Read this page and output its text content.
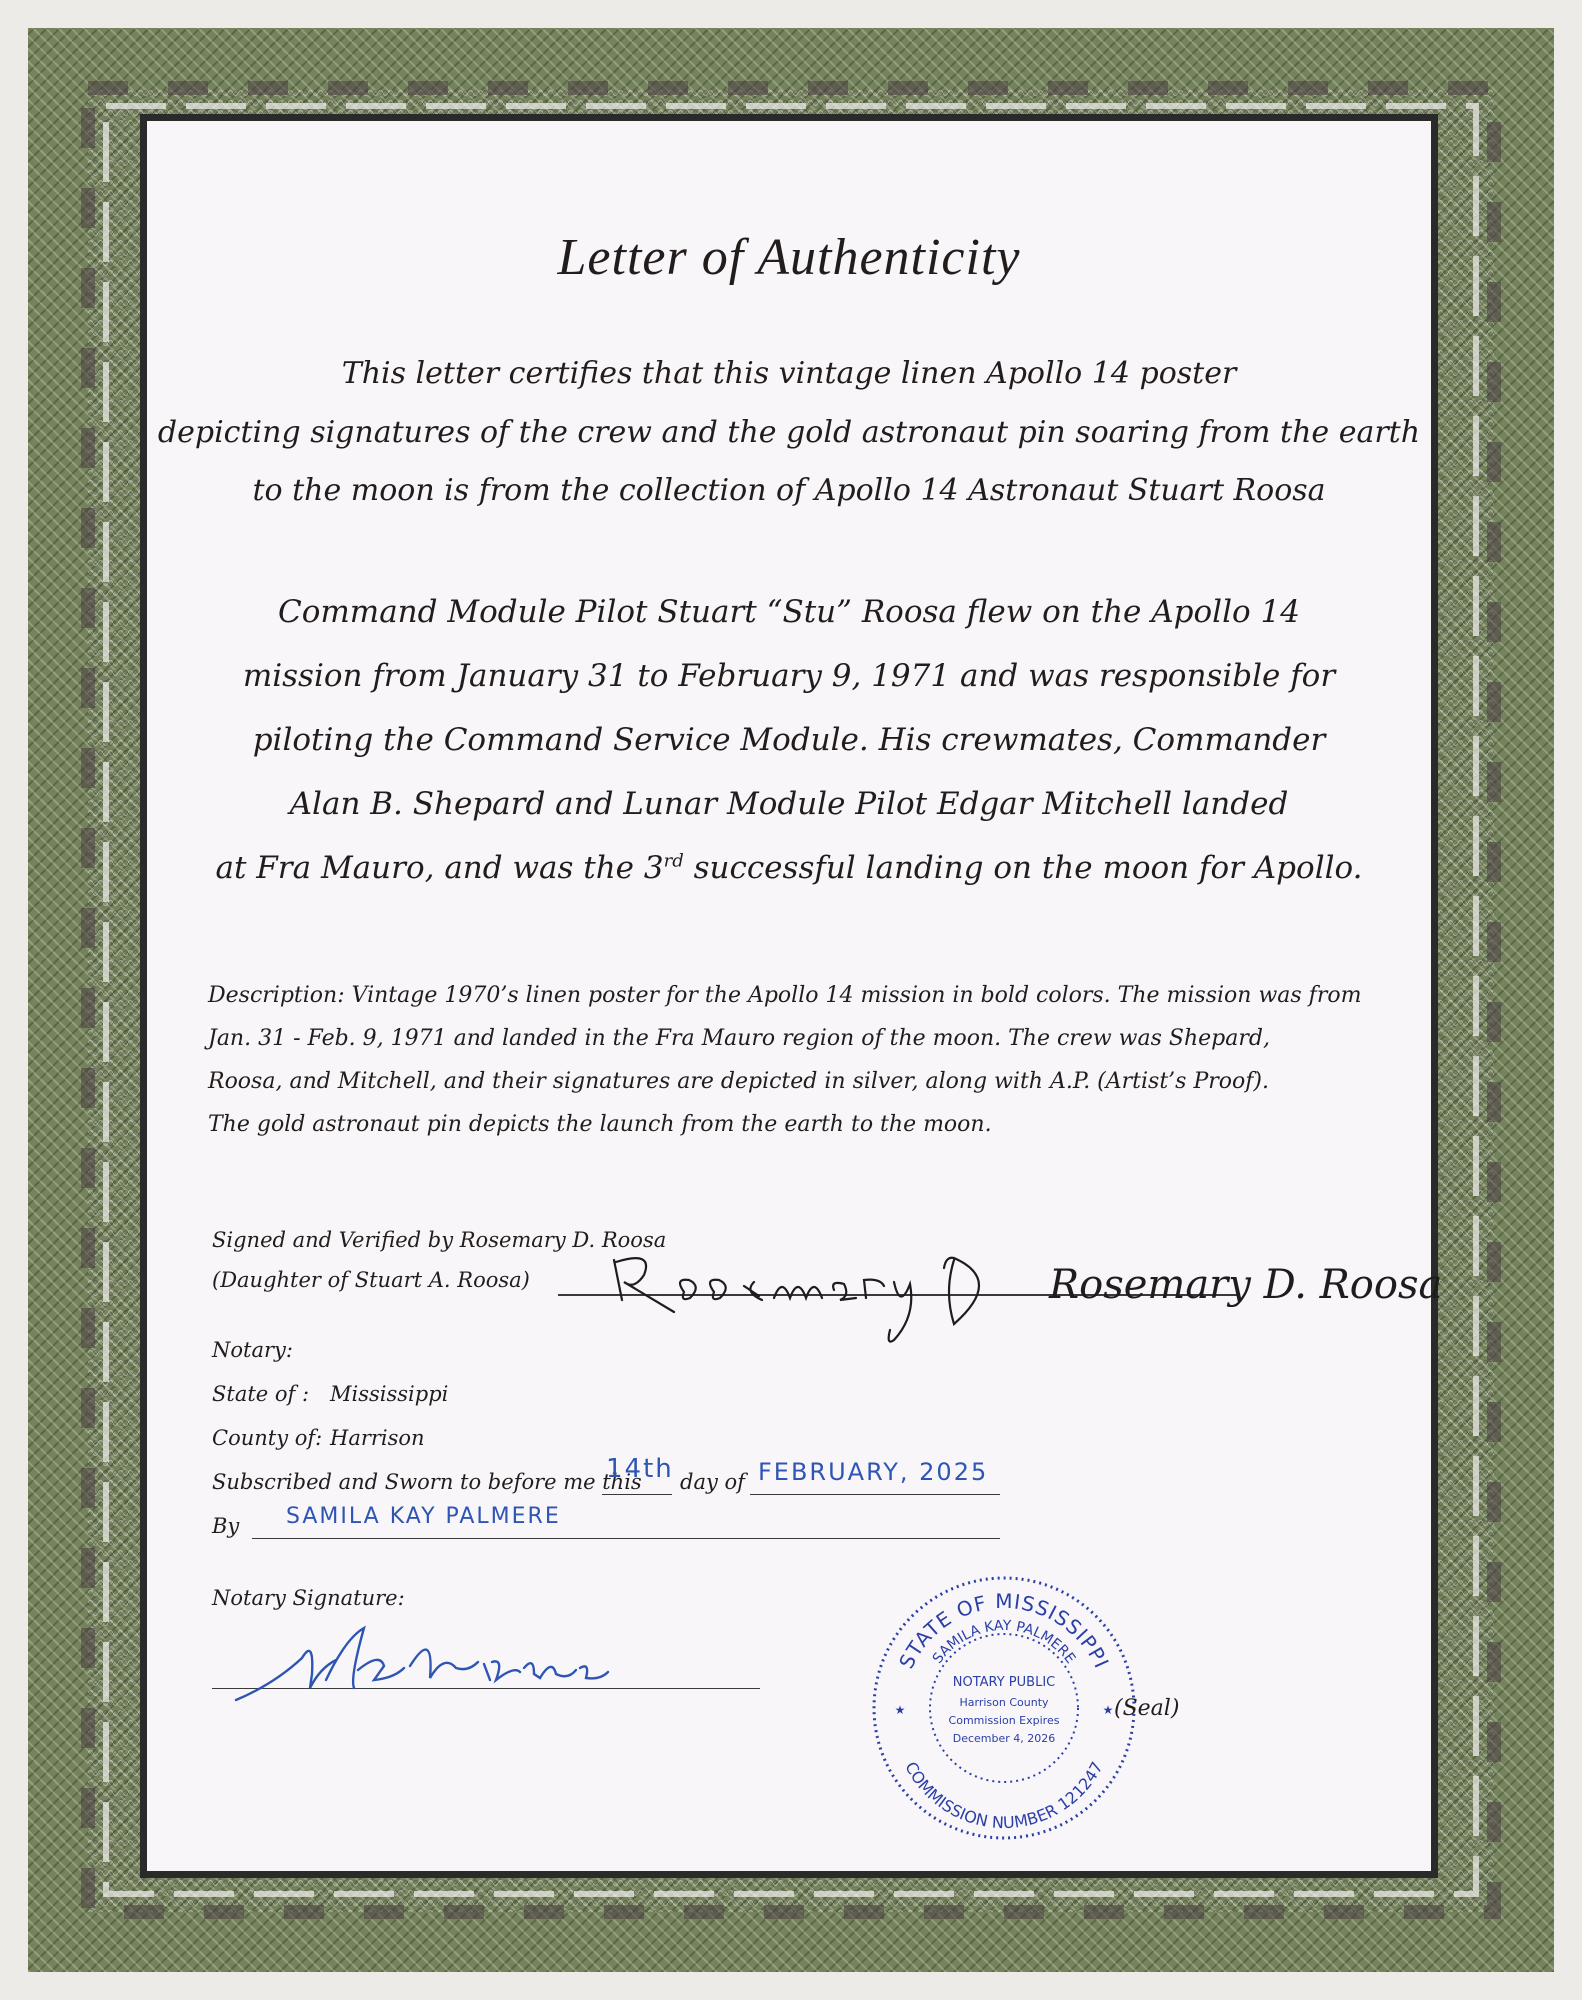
Letter of Authenticity
This letter certifies that this vintage linen Apollo 14 poster
depicting signatures of the crew and the gold astronaut pin soaring from the earth
to the moon is from the collection of Apollo 14 Astronaut Stuart Roosa
Command Module Pilot Stuart “Stu” Roosa flew on the Apollo 14
mission from January 31 to February 9, 1971 and was responsible for
piloting the Command Service Module. His crewmates, Commander
Alan B. Shepard and Lunar Module Pilot Edgar Mitchell landed
at Fra Mauro, and was the 3rd successful landing on the moon for Apollo.
Description: Vintage 1970’s linen poster for the Apollo 14 mission in bold colors. The mission was from
Jan. 31 - Feb. 9, 1971 and landed in the Fra Mauro region of the moon. The crew was Shepard,
Roosa, and Mitchell, and their signatures are depicted in silver, along with A.P. (Artist’s Proof).
The gold astronaut pin depicts the launch from the earth to the moon.
Signed and Verified by Rosemary D. Roosa
(Daughter of Stuart A. Roosa)	Rosemary D. Roosa
Notary:
State of : Mississippi
County of: Harrison
Subscribed and Sworn to before me this
14th day of FEBRUARY, 2025
By SAMILA KAY PALMERE
Notary Signature:
STATE OF MISSISSIPPI
SAMILA KAY PALMERE
COMMISSION NUMBER 121247
NOTARY PUBLIC
Harrison County
Commission Expires
December 4, 2026
★	★ (Seal)
